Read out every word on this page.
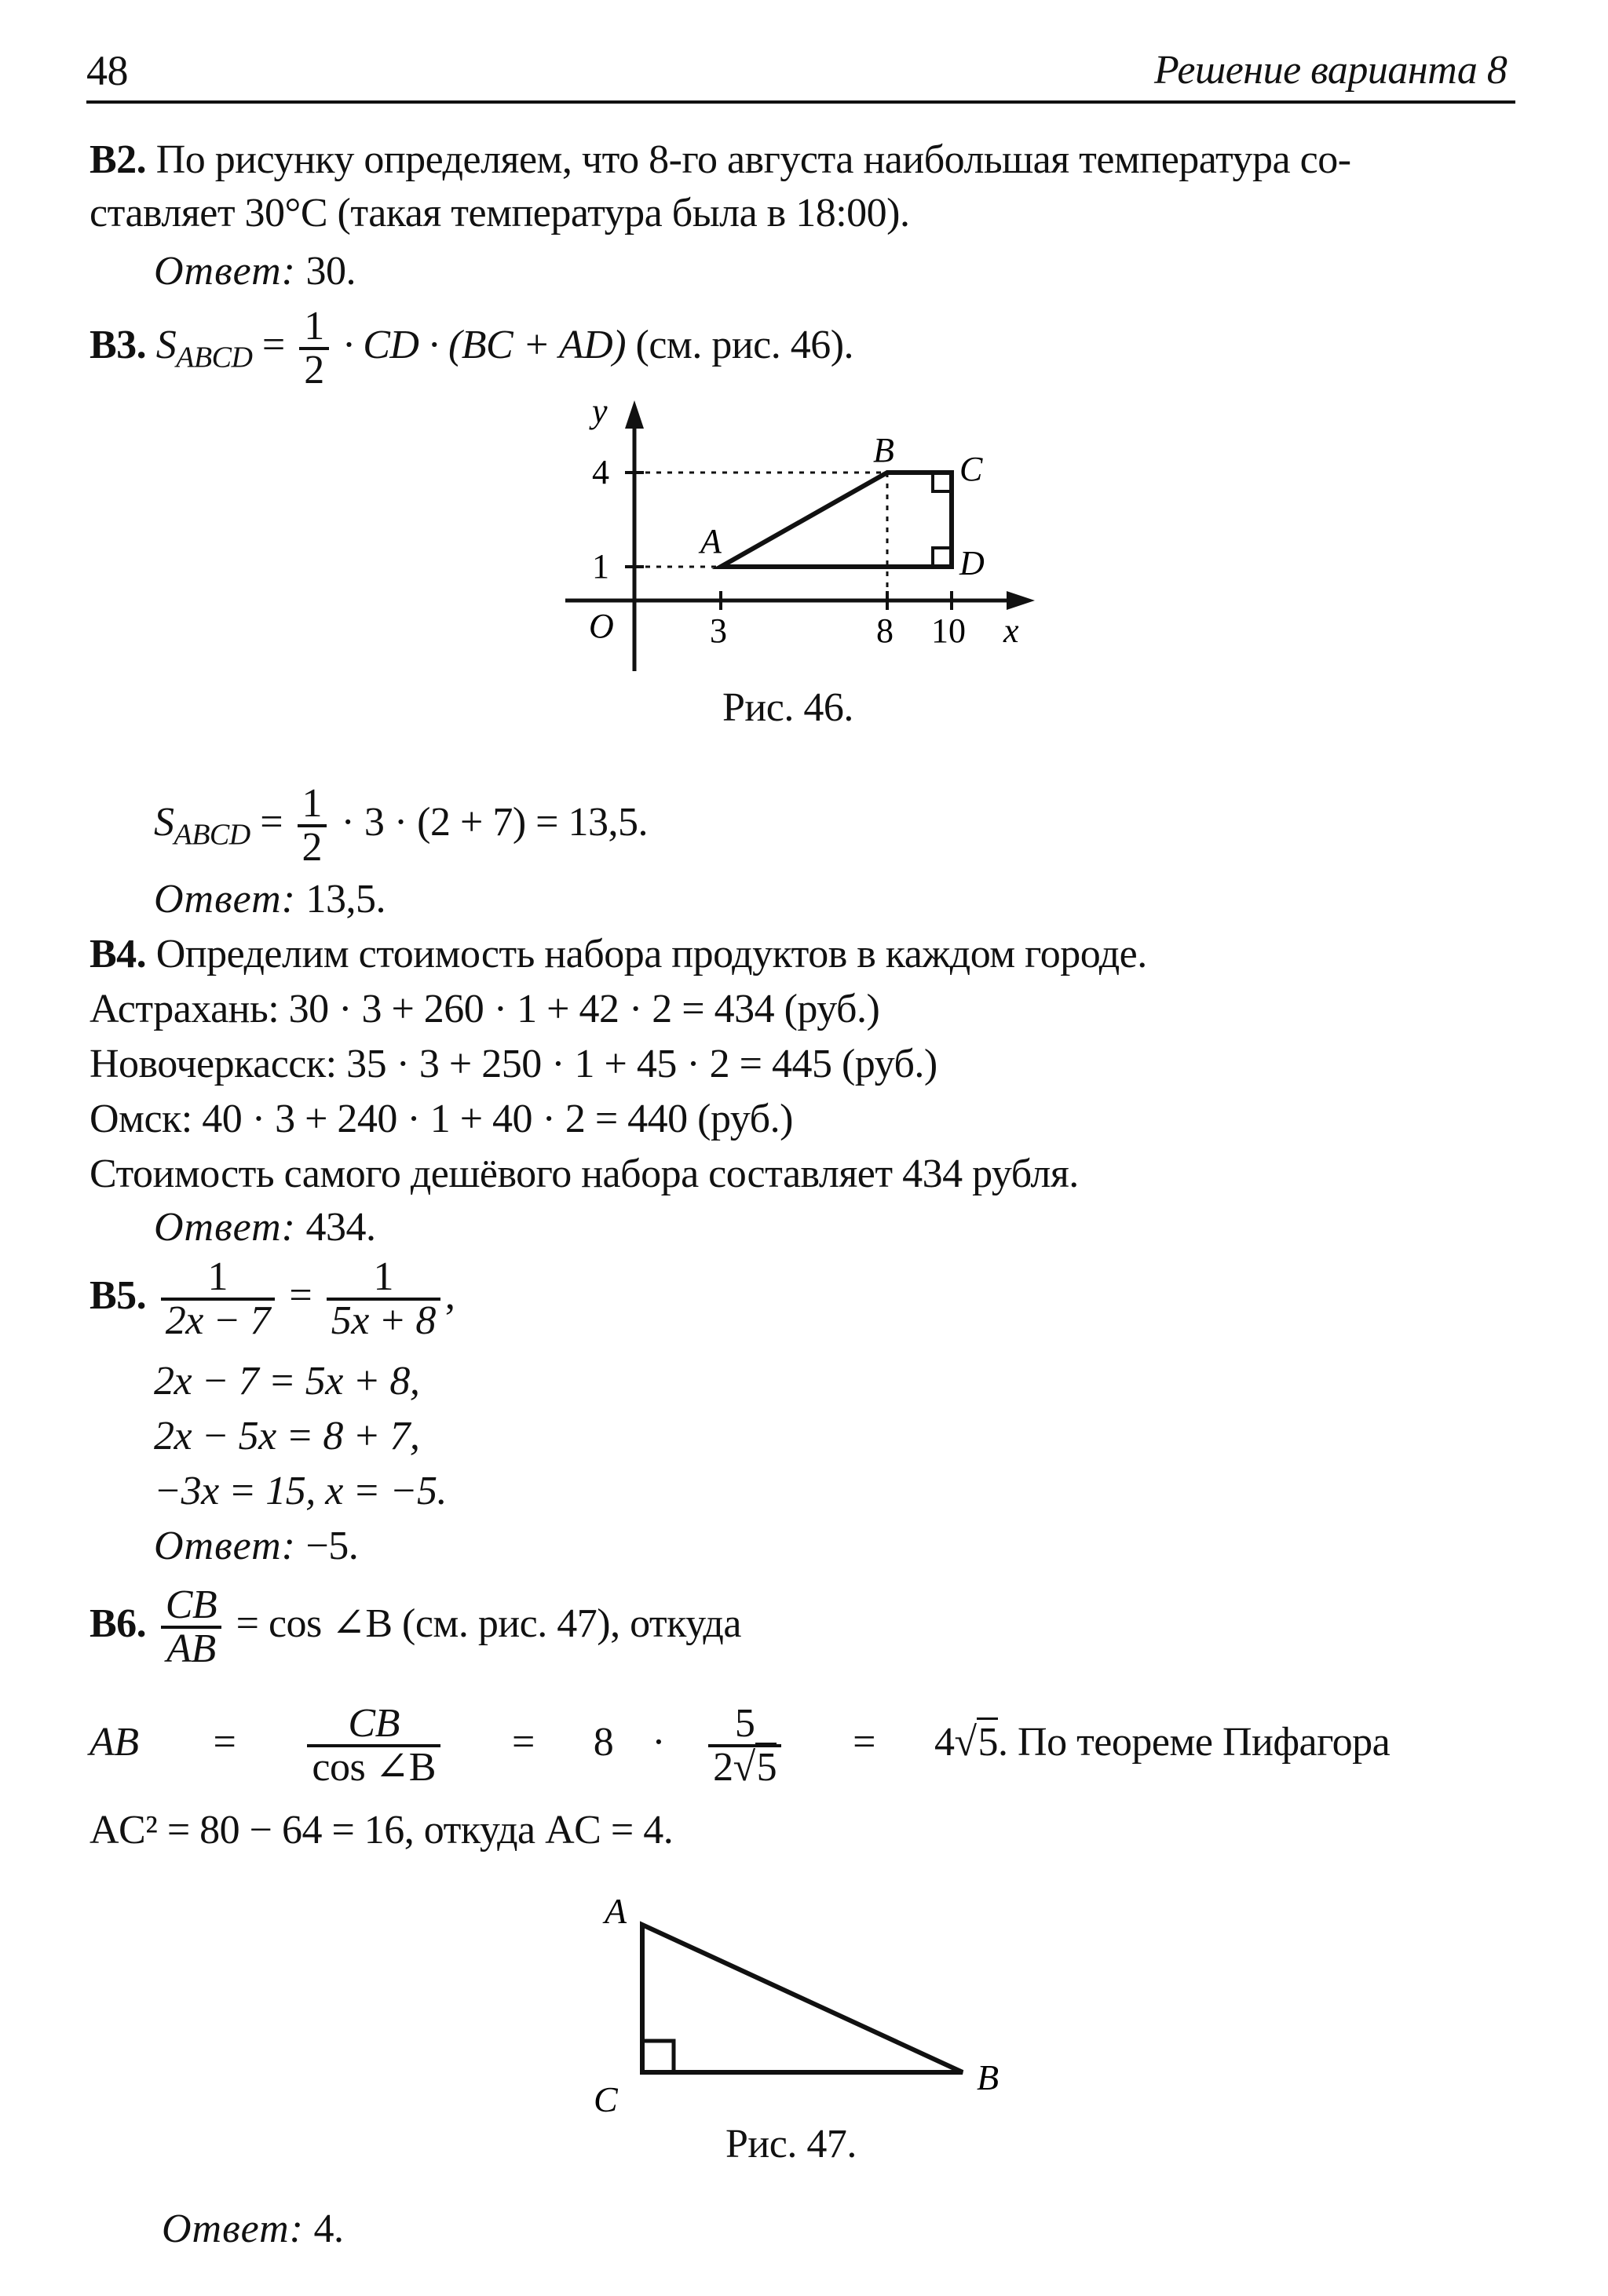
48	Решение варианта 8
B2. По рисунку определяем, что 8-го августа наибольшая температура со-
ставляет 30°C (такая температура была в 18:00).
Ответ: 30.
B3. $S_{ABCD} = \frac{1}{2}$ · CD · (BC + AD) (см. рис. 46).
y
x
O
4
1
3	8 10
A
B C
D
Рис. 46.
$S_{ABCD} = \frac{1}{2} \cdot 3 \cdot (2 + 7) = 13,5$.
Ответ: 13,5.
B4. Определим стоимость набора продуктов в каждом городе.
Астрахань: 30 · 3 + 260 · 1 + 42 · 2 = 434 (руб.)
Новочеркасск: 35 · 3 + 250 · 1 + 45 · 2 = 445 (руб.)
Омск: 40 · 3 + 240 · 1 + 40 · 2 = 440 (руб.)
Стоимость самого дешёвого набора составляет 434 рубля.
Ответ: 434.
B5. $\frac{1}{2x - 7} = \frac{1}{5x + 8}$ ,
2x − 7 = 5x + 8,
2x − 5x = 8 + 7,
−3x = 15, x = −5.
Ответ: −5.
B6. $\frac{CB}{AB} = \cos$ ∠B (см. рис. 47), откуда
AB = $\frac{CB}{\cos \angle B} = 8 \cdot \frac{5}{2√5} = 4√5$. По теореме Пифагора
AC² = 80 − 64 = 16, откуда AC = 4.
A
C
B
Рис. 47.
Ответ: 4.
